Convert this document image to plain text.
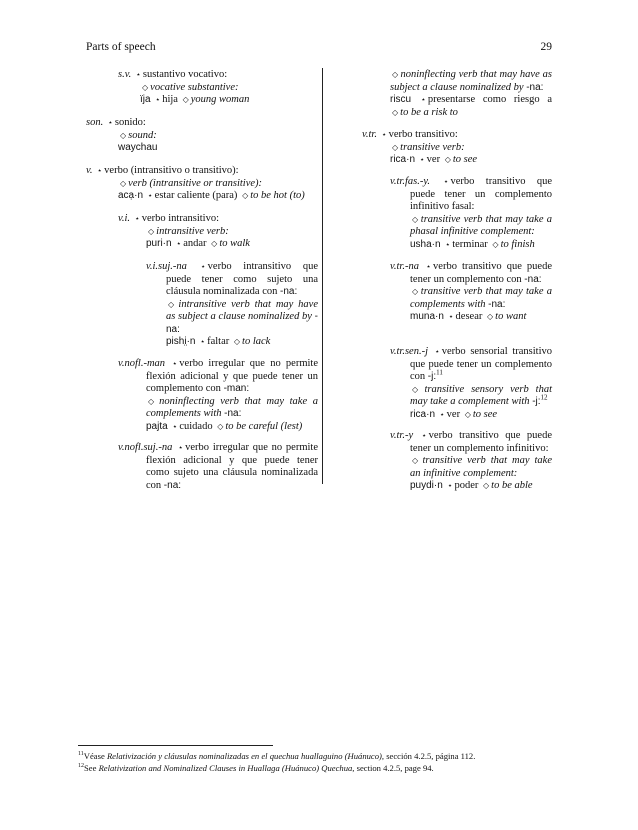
Parts of speech	29
s.v. ⋆ sustantivo vocativo:
◇ vocative substantive:
ïja ⋆ hija ◇ young woman
son. ⋆ sonido:
◇ sound:
waychau
v. ⋆ verbo (intransitivo o transitivo):
◇ verb (intransitive or transitive):
acạ·n ⋆ estar caliente (para) ◇ to be hot (to)
v.i. ⋆ verbo intransitivo:
◇ intransitive verb:
puri·n ⋆ andar ◇ to walk
v.i.suj.-na ⋆ verbo intransitivo que puede tener como sujeto una cláusula nominalizada con -na:
◇ intransitive verb that may have as subject a clause nominalized by -na:
pishi̤·n ⋆ faltar ◇ to lack
v.nofl.-man ⋆ verbo irregular que no permite flexión adicional y que puede tener un complemento con -man:
◇ noninflecting verb that may take a complements with -na:
pajta ⋆ cuidado ◇ to be careful (lest)
v.nofl.suj.-na ⋆ verbo irregular que no permite flexión adicional y que puede tener como sujeto una cláusula nominalizada con -na:
◇ noninflecting verb that may have as subject a clause nominalized by -na:
riscu ⋆ presentarse como riesgo a ◇ to be a risk to
v.tr. ⋆ verbo transitivo:
◇ transitive verb:
rica·n ⋆ ver ◇ to see
v.tr.fas.-y. ⋆ verbo transitivo que puede tener un complemento infinitivo fasal:
◇ transitive verb that may take a phasal infinitive complement:
usha·n ⋆ terminar ◇ to finish
v.tr.-na ⋆ verbo transitivo que puede tener un complemento con -na:
◇ transitive verb that may take a complements with -na:
muna·n ⋆ desear ◇ to want
v.tr.sen.-j ⋆ verbo sensorial transitivo que puede tener un complemento con -j:$^{11}$
◇ transitive sensory verb that may take a complement with -j:$^{12}$
rica·n ⋆ ver ◇ to see
v.tr.-y ⋆ verbo transitivo que puede tener un complemento infinitivo:
◇ transitive verb that may take an infinitive complement:
puydi·n ⋆ poder ◇ to be able
$^{11}$Véase Relativización y cláusulas nominalizadas en el quechua huallaguino (Huánuco), sección 4.2.5, página 112.
$^{12}$See Relativization and Nominalized Clauses in Huallaga (Huánuco) Quechua, section 4.2.5, page 94.
